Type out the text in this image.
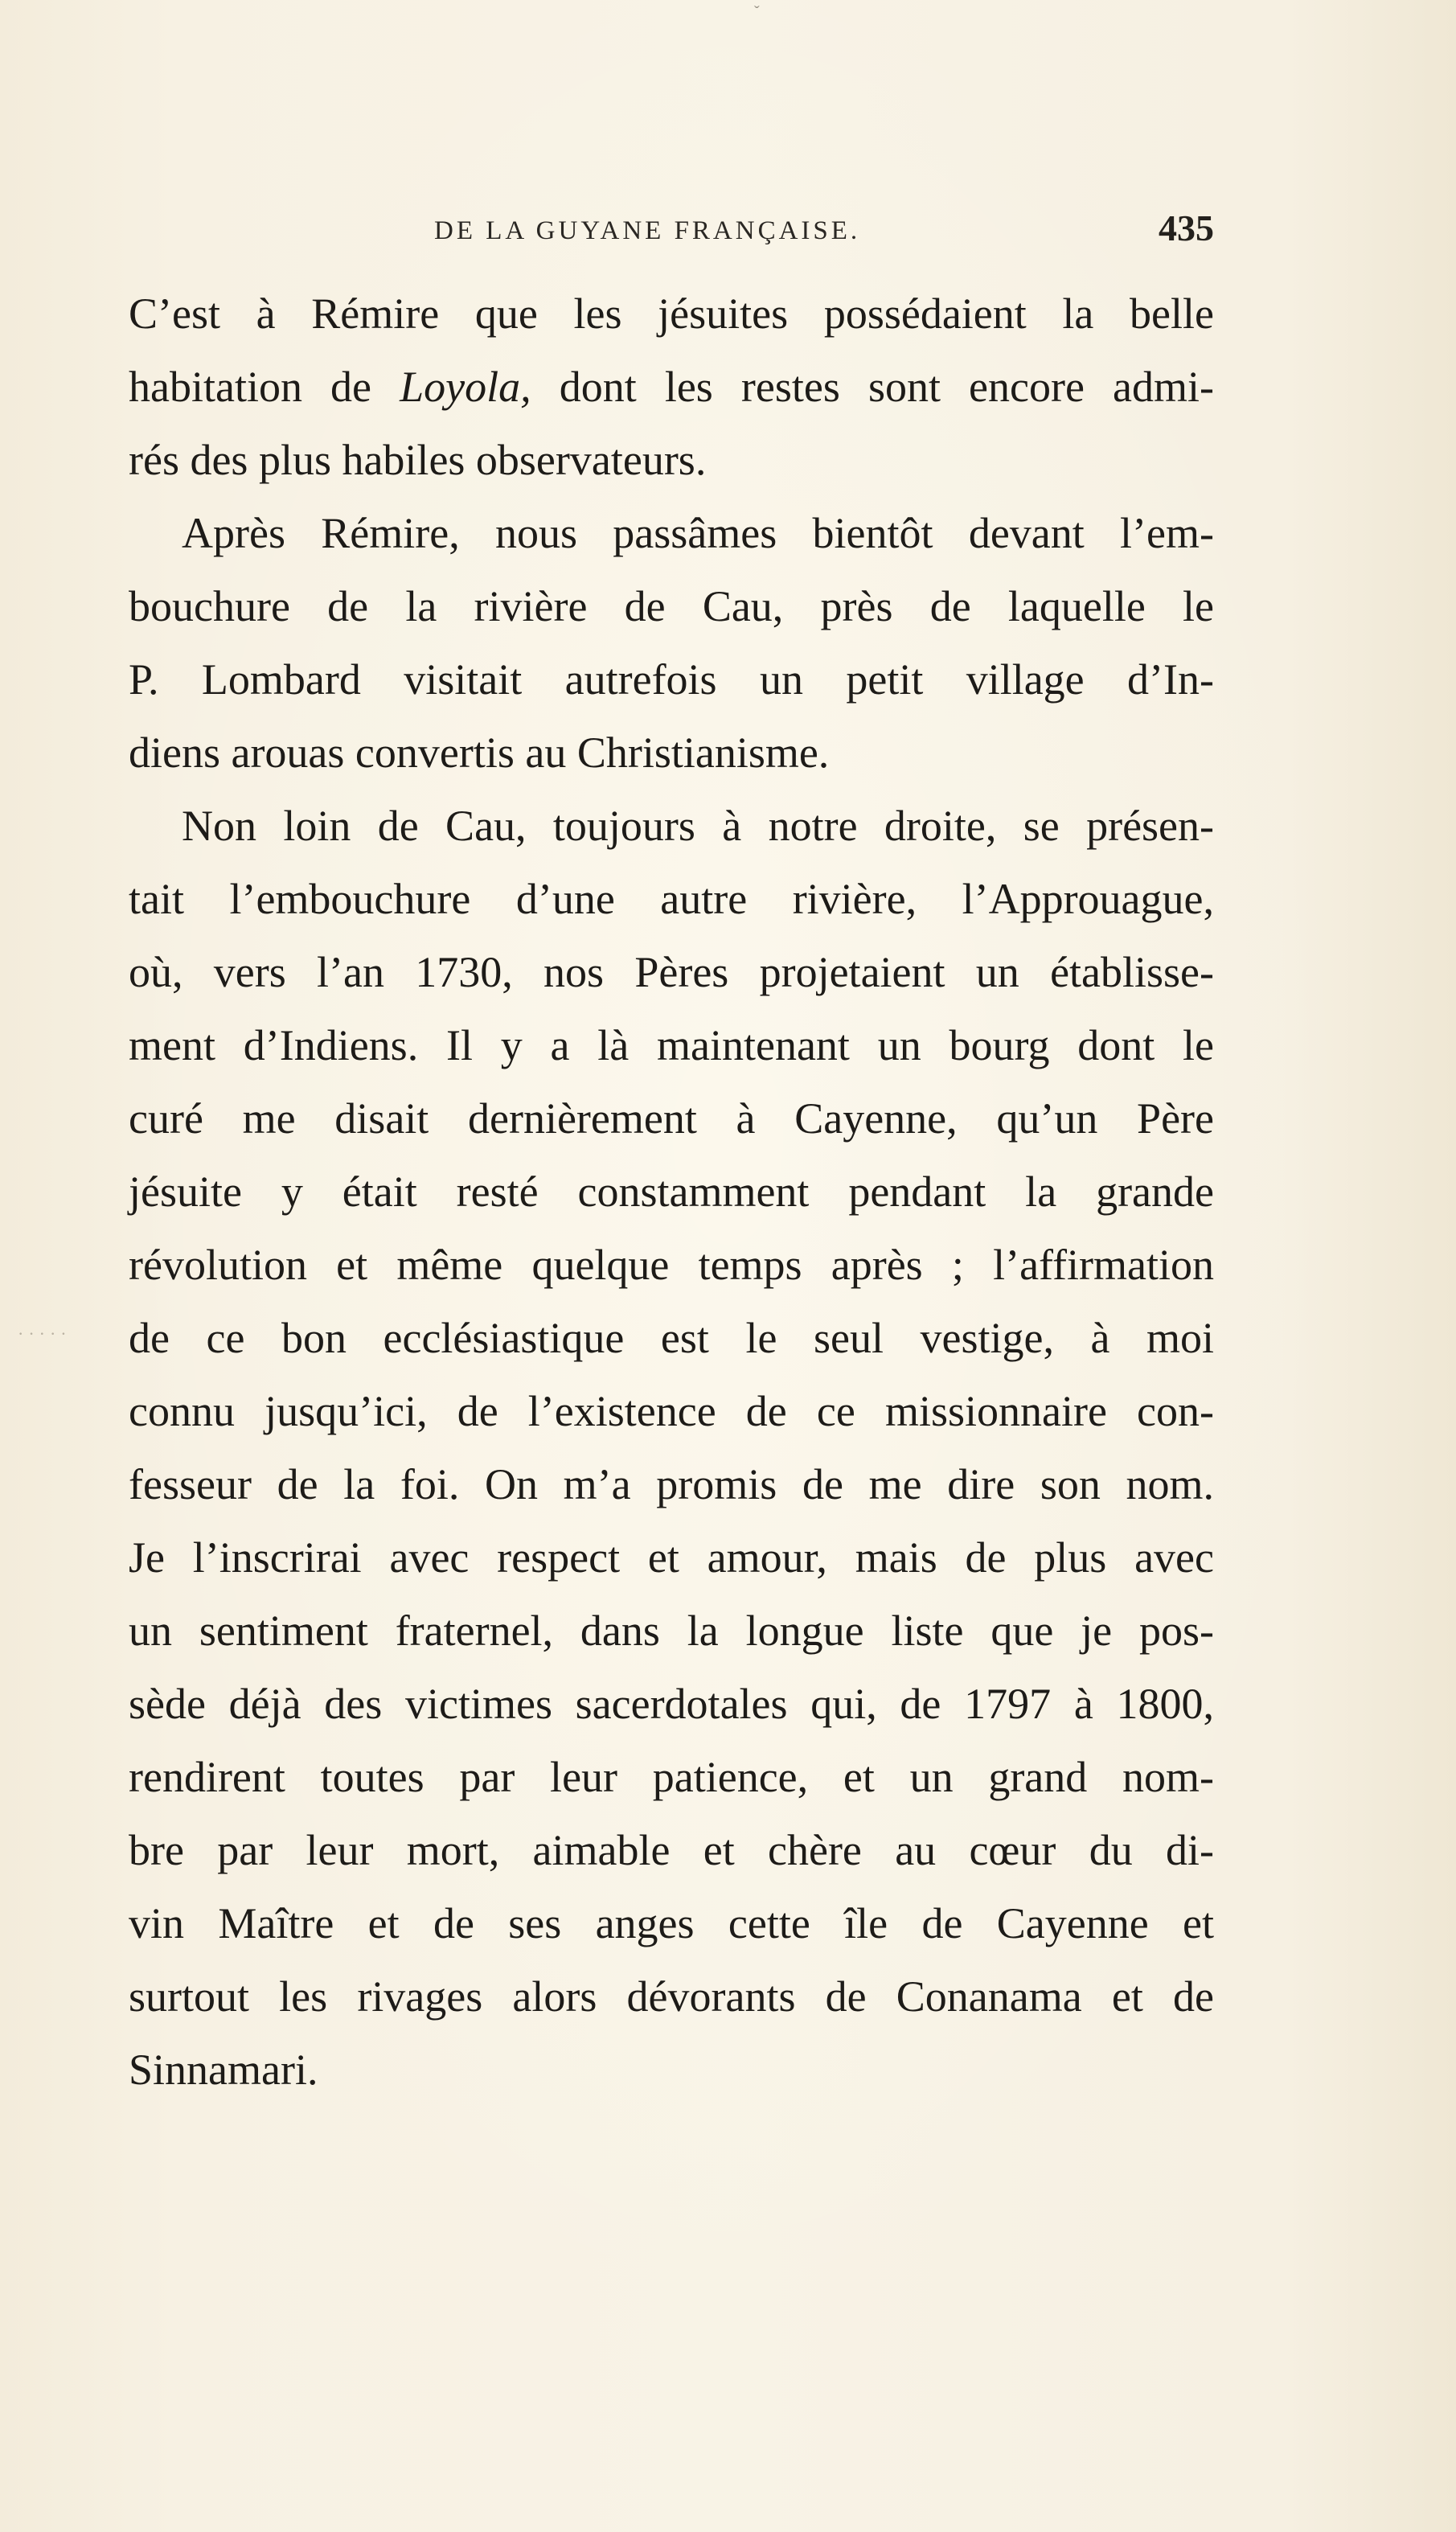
ˇ
DE LA GUYANE FRANÇAISE.	435
C’est à Rémire que les jésuites possédaient la belle
habitation de Loyola, dont les restes sont encore admi-
rés des plus habiles observateurs.
Après Rémire, nous passâmes bientôt devant l’em-
bouchure de la rivière de Cau, près de laquelle le
P. Lombard visitait autrefois un petit village d’In-
diens arouas convertis au Christianisme.
Non loin de Cau, toujours à notre droite, se présen-
tait l’embouchure d’une autre rivière, l’Approuague,
où, vers l’an 1730, nos Pères projetaient un établisse-
ment d’Indiens. Il y a là maintenant un bourg dont le
curé me disait dernièrement à Cayenne, qu’un Père
jésuite y était resté constamment pendant la grande
révolution et même quelque temps après ; l’affirmation
de ce bon ecclésiastique est le seul vestige, à moi
connu jusqu’ici, de l’existence de ce missionnaire con-
fesseur de la foi. On m’a promis de me dire son nom.
Je l’inscrirai avec respect et amour, mais de plus avec
un sentiment fraternel, dans la longue liste que je pos-
sède déjà des victimes sacerdotales qui, de 1797 à 1800,
rendirent toutes par leur patience, et un grand nom-
bre par leur mort, aimable et chère au cœur du di-
vin Maître et de ses anges cette île de Cayenne et
surtout les rivages alors dévorants de Conanama et de
Sinnamari.
·····
